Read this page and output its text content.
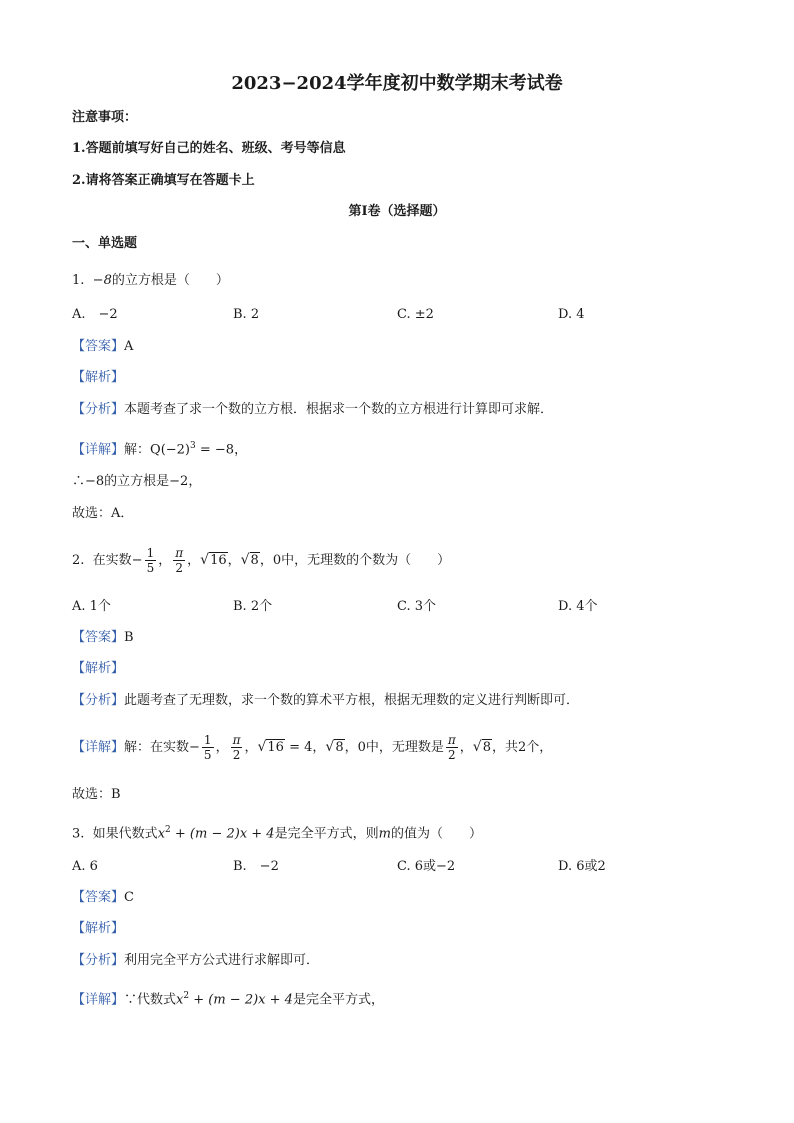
2023−2024学年度初中数学期末考试卷
注意事项：
1.答题前填写好自己的姓名、班级、考号等信息
2.请将答案正确填写在答题卡上
第I卷（选择题）
一、单选题
1. −8的立方根是（　　）
A.　−2	B. 2	C. ±2	D. 4
【答案】A
【解析】
【分析】本题考查了求一个数的立方根．根据求一个数的立方根进行计算即可求解．
【详解】解：$Q(-2)^3 = -8$，
∴−8的立方根是−2，
故选：A．
2. 在实数− $\frac{1}{5}$ ， $\frac{\pi}{2}$ ，√16，√8，0中，无理数的个数为（　　）
A. 1个	B. 2个	C. 3个	D. 4个
【答案】B
【解析】
【分析】此题考查了无理数，求一个数的算术平方根，根据无理数的定义进行判断即可．
【详解】解：在实数− $\frac{1}{5}$ ， $\frac{\pi}{2}$ ，√16 = 4，√8，0中，无理数是 $\frac{\pi}{2}$ ，√8，共2个，
故选：B
3. 如果代数式$x^2 + (m - 2)x + 4$是完全平方式，则m的值为（　　）
A. 6	B.　−2	C. 6或−2	D. 6或2
【答案】C
【解析】
【分析】利用完全平方公式进行求解即可．
【详解】∵代数式$x^2 + (m - 2)x + 4$是完全平方式，
